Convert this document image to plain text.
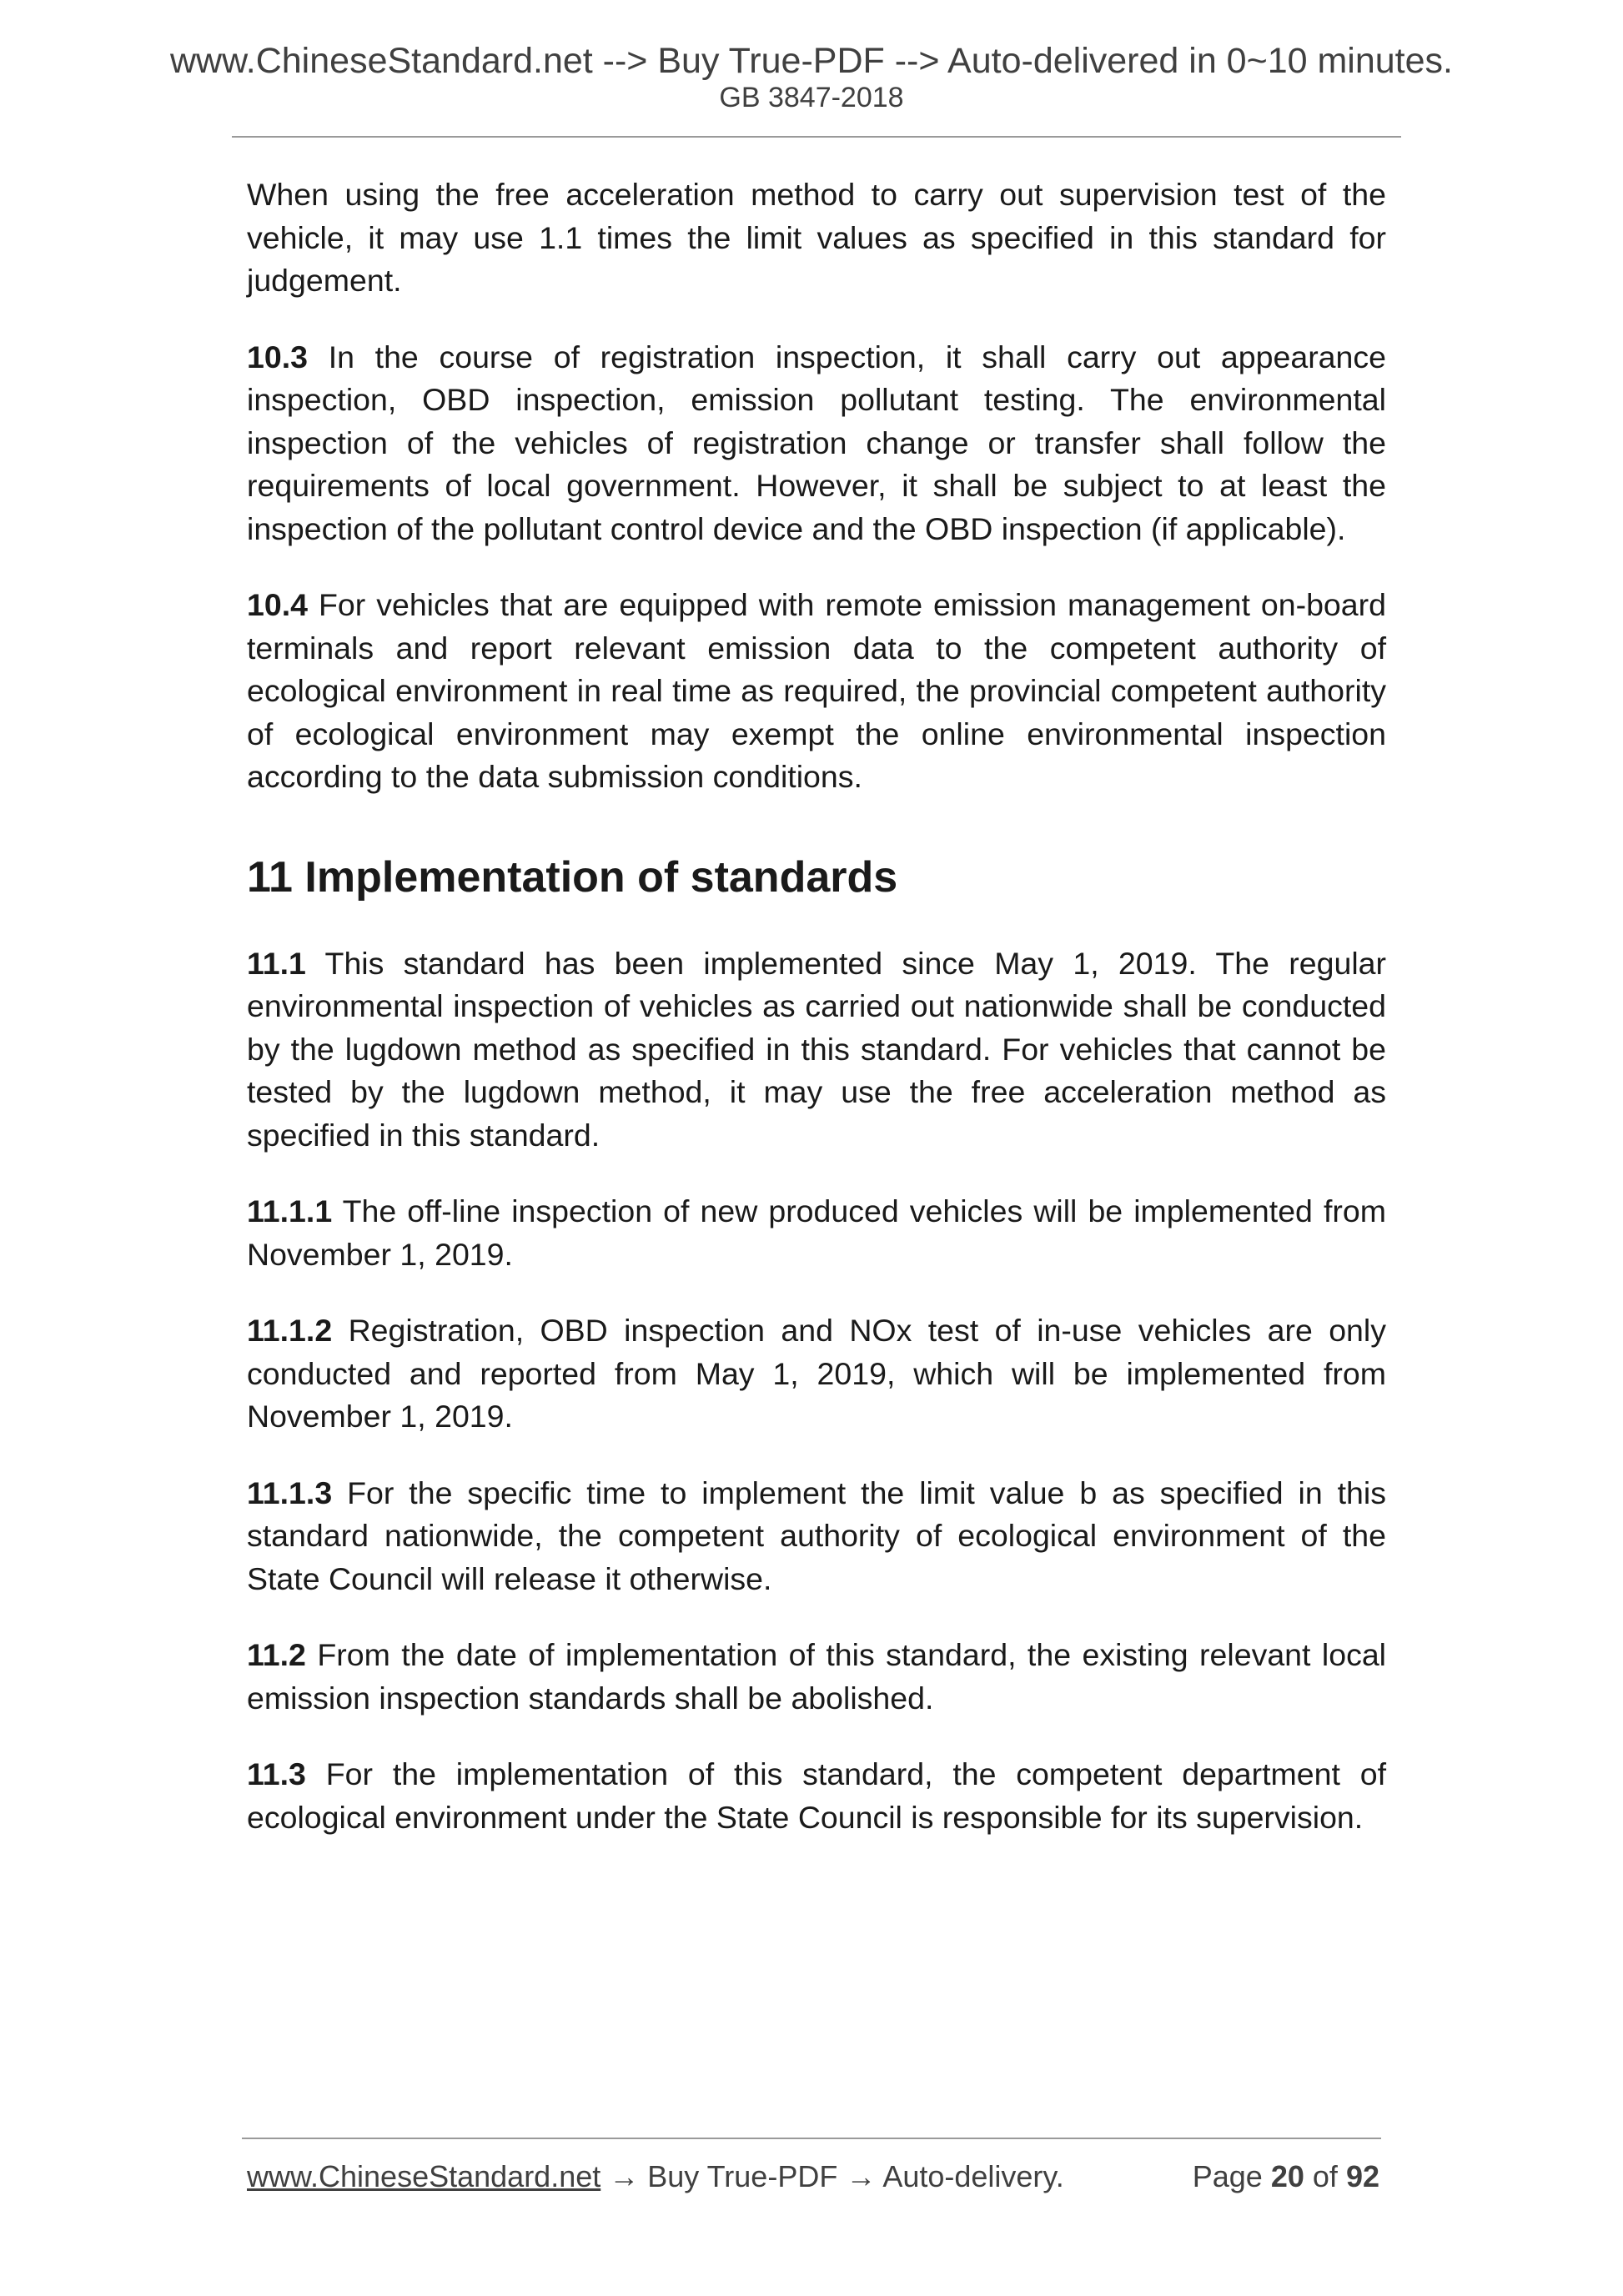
www.ChineseStandard.net --> Buy True-PDF --> Auto-delivered in 0~10 minutes.
GB 3847-2018

When using the free acceleration method to carry out supervision test of the vehicle, it may use 1.1 times the limit values as specified in this standard for judgement.

10.3 In the course of registration inspection, it shall carry out appearance inspection, OBD inspection, emission pollutant testing. The environmental inspection of the vehicles of registration change or transfer shall follow the requirements of local government. However, it shall be subject to at least the inspection of the pollutant control device and the OBD inspection (if applicable).

10.4 For vehicles that are equipped with remote emission management on-board terminals and report relevant emission data to the competent authority of ecological environment in real time as required, the provincial competent authority of ecological environment may exempt the online environmental inspection according to the data submission conditions.

11 Implementation of standards

11.1 This standard has been implemented since May 1, 2019. The regular environmental inspection of vehicles as carried out nationwide shall be conducted by the lugdown method as specified in this standard. For vehicles that cannot be tested by the lugdown method, it may use the free acceleration method as specified in this standard.

11.1.1 The off-line inspection of new produced vehicles will be implemented from November 1, 2019.

11.1.2 Registration, OBD inspection and NOx test of in-use vehicles are only conducted and reported from May 1, 2019, which will be implemented from November 1, 2019.

11.1.3 For the specific time to implement the limit value b as specified in this standard nationwide, the competent authority of ecological environment of the State Council will release it otherwise.

11.2 From the date of implementation of this standard, the existing relevant local emission inspection standards shall be abolished.

11.3 For the implementation of this standard, the competent department of ecological environment under the State Council is responsible for its supervision.

www.ChineseStandard.net → Buy True-PDF → Auto-delivery.	Page 20 of 92
